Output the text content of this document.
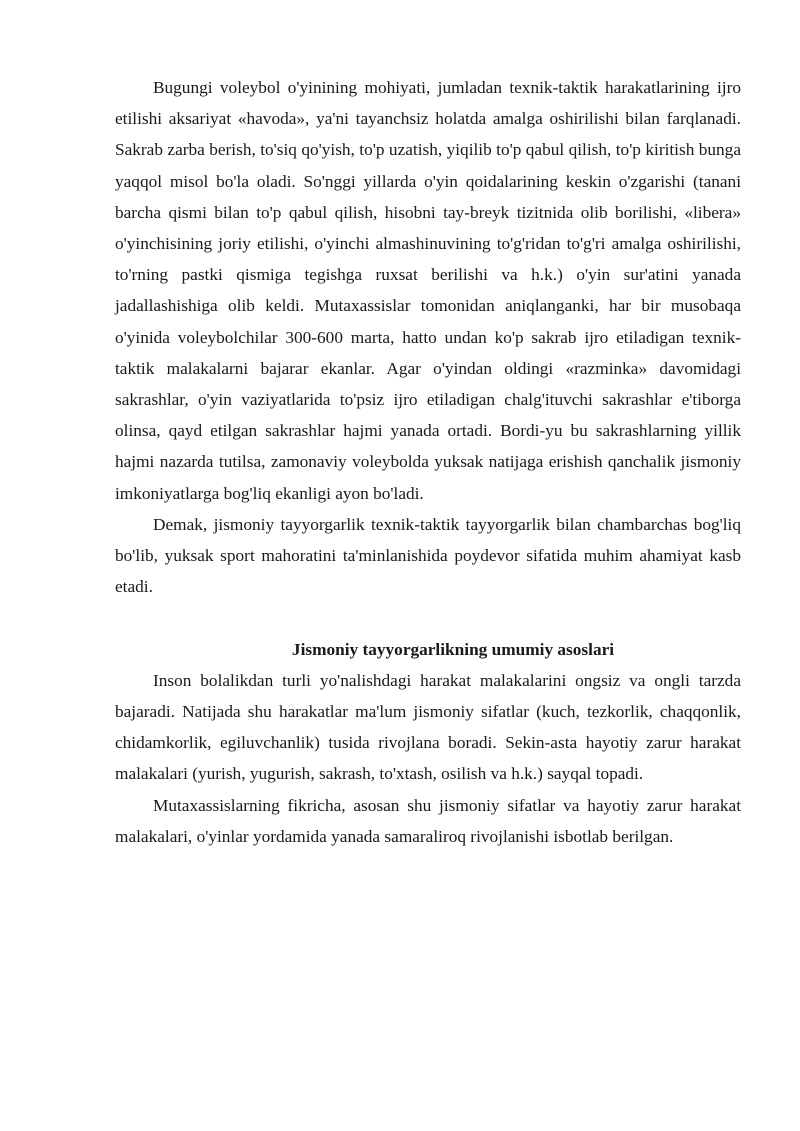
Bugungi voleybol o'yinining mohiyati, jumladan texnik-taktik harakatlarining ijro etilishi aksariyat «havoda», ya'ni tayanchsiz holatda amalga oshirilishi bilan farqlanadi. Sakrab zarba berish, to'siq qo'yish, to'p uzatish, yiqilib to'p qabul qilish, to'p kiritish bunga yaqqol misol bo'la oladi. So'nggi yillarda o'yin qoidalarining keskin o'zgarishi (tanani barcha qismi bilan to'p qabul qilish, hisobni tay-breyk tizitnida olib borilishi, «libera» o'yinchisining joriy etilishi, o'yinchi almashinuvining to'g'ridan to'g'ri amalga oshirilishi, to'rning pastki qismiga tegishga ruxsat berilishi va h.k.) o'yin sur'atini yanada jadallashishiga olib keldi. Mutaxassislar tomonidan aniqlanganki, har bir musobaqa o'yinida voleybolchilar 300-600 marta, hatto undan ko'p sakrab ijro etiladigan texnik-taktik malakalarni bajarar ekanlar. Agar o'yindan oldingi «razminka» davomidagi sakrashlar, o'yin vaziyatlarida to'psiz ijro etiladigan chalg'ituvchi sakrashlar e'tiborga olinsa, qayd etilgan sakrashlar hajmi yanada ortadi. Bordi-yu bu sakrashlarning yillik hajmi nazarda tutilsa, zamonaviy voleybolda yuksak natijaga erishish qanchalik jismoniy imkoniyatlarga bog'liq ekanligi ayon bo'ladi.

Demak, jismoniy tayyorgarlik texnik-taktik tayyorgarlik bilan chambarchas bog'liq bo'lib, yuksak sport mahoratini ta'minlanishida poydevor sifatida muhim ahamiyat kasb etadi.

Jismoniy tayyorgarlikning umumiy asoslari

Inson bolalikdan turli yo'nalishdagi harakat malakalarini ongsiz va ongli tarzda bajaradi. Natijada shu harakatlar ma'lum jismoniy sifatlar (kuch, tezkorlik, chaqqonlik, chidamkorlik, egiluvchanlik) tusida rivojlana boradi. Sekin-asta hayotiy zarur harakat malakalari (yurish, yugurish, sakrash, to'xtash, osilish va h.k.) sayqal topadi.

Mutaxassislarning fikricha, asosan shu jismoniy sifatlar va hayotiy zarur harakat malakalari, o'yinlar yordamida yanada samaraliroq rivojlanishi isbotlab berilgan.
